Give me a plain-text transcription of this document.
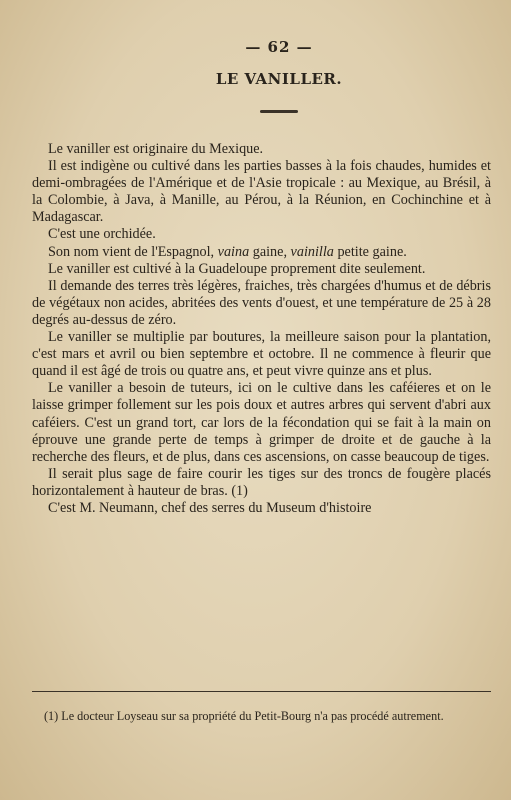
— 62 —
LE VANILLER.

Le vaniller est originaire du Mexique.

Il est indigène ou cultivé dans les parties basses à la fois chaudes, humides et demi-ombragées de l'Amérique et de l'Asie tropicale : au Mexique, au Brésil, à la Colombie, à Java, à Manille, au Pérou, à la Réunion, en Cochinchine et à Madagascar.

C'est une orchidée.

Son nom vient de l'Espagnol, vaina gaine, vainilla petite gaine.

Le vaniller est cultivé à la Guadeloupe proprement dite seulement.

Il demande des terres très légères, fraiches, très chargées d'humus et de débris de végétaux non acides, abritées des vents d'ouest, et une température de 25 à 28 degrés au-dessus de zéro.

Le vaniller se multiplie par boutures, la meilleure saison pour la plantation, c'est mars et avril ou bien septembre et octobre. Il ne commence à fleurir que quand il est âgé de trois ou quatre ans, et peut vivre quinze ans et plus.

Le vaniller a besoin de tuteurs, ici on le cultive dans les caféieres et on le laisse grimper follement sur les pois doux et autres arbres qui servent d'abri aux caféiers. C'est un grand tort, car lors de la fécondation qui se fait à la main on éprouve une grande perte de temps à grimper de droite et de gauche à la recherche des fleurs, et de plus, dans ces ascensions, on casse beaucoup de tiges.

Il serait plus sage de faire courir les tiges sur des troncs de fougère placés horizontalement à hauteur de bras. (1)

C'est M. Neumann, chef des serres du Museum d'histoire

(1) Le docteur Loyseau sur sa propriété du Petit-Bourg n'a pas procédé autrement.
